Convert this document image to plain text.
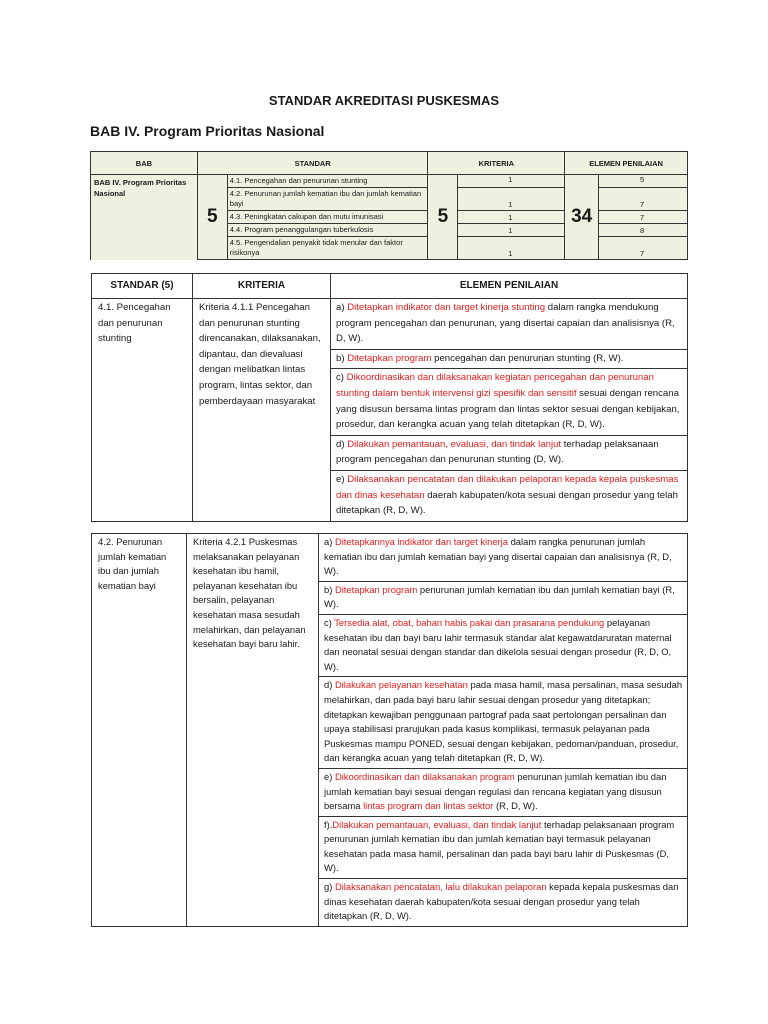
STANDAR AKREDITASI PUSKESMAS
BAB IV. Program Prioritas Nasional
BAB	STANDAR		KRITERIA		ELEMEN PENILAIAN	
BAB IV. Program Prioritas Nasional	5	4.1. Pencegahan dan penurunan stunting	5	1	34	5
		4.2. Penurunan jumlah kematian ibu dan jumlah kematian bayi		1		7
		4.3. Peningkatan cakupan dan mutu imunisasi		1		7
		4.4. Program penanggulangan tuberkulosis		1		8
		4.5. Pengendalian penyakit tidak menular dan faktor risikonya		1		7
STANDAR (5)	KRITERIA	ELEMEN PENILAIAN
4.1. Pencegahan dan penurunan stunting	Kriteria 4.1.1 Pencegahan dan penurunan stunting direncanakan, dilaksanakan, dipantau, dan dievaluasi dengan melibatkan lintas program, lintas sektor, dan pemberdayaan masyarakat	a) Ditetapkan indikator dan target kinerja stunting dalam rangka mendukung program pencegahan dan penurunan, yang disertai capaian dan analisisnya (R, D, W).
		b) Ditetapkan program pencegahan dan penurunan stunting (R, W).
		c) Dikoordinasikan dan dilaksanakan kegiatan pencegahan dan penurunan stunting dalam bentuk intervensi gizi spesifik dan sensitif sesuai dengan rencana yang disusun bersama lintas program dan lintas sektor sesuai dengan kebijakan, prosedur, dan kerangka acuan yang telah ditetapkan (R, D, W).
		d) Dilakukan pemantauan, evaluasi, dan tindak lanjut terhadap pelaksanaan program pencegahan dan penurunan stunting (D, W).
		e) Dilaksanakan pencatatan dan dilakukan pelaporan kepada kepala puskesmas dan dinas kesehatan daerah kabupaten/kota sesuai dengan prosedur yang telah ditetapkan (R, D, W).
4.2. Penurunan jumlah kematian ibu dan jumlah kematian bayi	Kriteria 4.2.1 Puskesmas melaksanakan pelayanan kesehatan ibu hamil, pelayanan kesehatan ibu bersalin, pelayanan kesehatan masa sesudah melahirkan, dan pelayanan kesehatan bayi baru lahir.	a) Ditetapkannya indikator dan target kinerja dalam rangka penurunan jumlah kematian ibu dan jumlah kematian bayi yang disertai capaian dan analisisnya (R, D, W).
b) Ditetapkan program penurunan jumlah kematian ibu dan jumlah kematian bayi (R, W).
c) Tersedia alat, obat, bahan habis pakai dan prasarana pendukung pelayanan kesehatan ibu dan bayi baru lahir termasuk standar alat kegawatdaruratan maternal dan neonatal sesuai dengan standar dan dikelola sesuai dengan prosedur (R, D, O, W).
d) Dilakukan pelayanan kesehatan pada masa hamil, masa persalinan, masa sesudah melahirkan, dan pada bayi baru lahir sesuai dengan prosedur yang ditetapkan; ditetapkan kewajiban penggunaan partograf pada saat pertolongan persalinan dan upaya stabilisasi prarujukan pada kasus komplikasi, termasuk pelayanan pada Puskesmas mampu PONED, sesuai dengan kebijakan, pedoman/panduan, prosedur, dan kerangka acuan yang telah ditetapkan (R, D, W).
e) Dikoordinasikan dan dilaksanakan program penurunan jumlah kematian ibu dan jumlah kematian bayi sesuai dengan regulasi dan rencana kegiatan yang disusun bersama lintas program dan lintas sektor (R, D, W).
f).Dilakukan pemantauan, evaluasi, dan tindak lanjut terhadap pelaksanaan program penurunan jumlah kematian ibu dan jumlah kematian bayi termasuk pelayanan kesehatan pada masa hamil, persalinan dan pada bayi baru lahir di Puskesmas (D, W).
g) Dilaksanakan pencatatan, lalu dilakukan pelaporan kepada kepala puskesmas dan dinas kesehatan daerah kabupaten/kota sesuai dengan prosedur yang telah ditetapkan (R, D, W).
